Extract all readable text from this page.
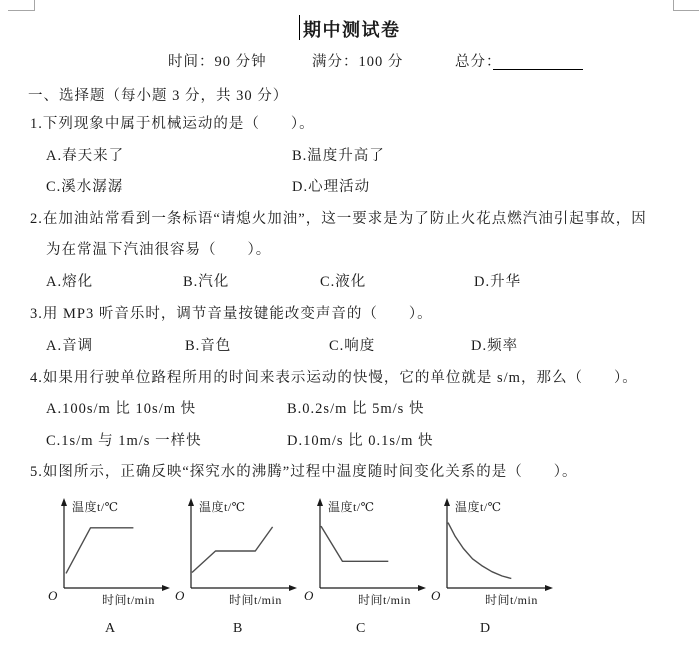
期中测试卷
时间：90 分钟	满分：100 分	总分：
一、选择题（每小题 3 分，共 30 分）
1.下列现象中属于机械运动的是（　　）。
A.春天来了	B.温度升高了
C.溪水潺潺	D.心理活动
2.在加油站常看到一条标语“请熄火加油”，这一要求是为了防止火花点燃汽油引起事故，因
为在常温下汽油很容易（　　）。
A.熔化	B.汽化	C.液化	D.升华
3.用 MP3 听音乐时，调节音量按键能改变声音的（　　）。
A.音调	B.音色	C.响度	D.频率
4.如果用行驶单位路程所用的时间来表示运动的快慢，它的单位就是 s/m，那么（　　）。
A.100s/m 比 10s/m 快	B.0.2s/m 比 5m/s 快
C.1s/m 与 1m/s 一样快	D.10m/s 比 0.1s/m 快
5.如图所示，正确反映“探究水的沸腾”过程中温度随时间变化关系的是（　　）。
温度t/℃
时间t/min
O
温度t/℃
时间t/min
O
温度t/℃
时间t/min
O
温度t/℃
时间t/min
O
A	B	C	D
